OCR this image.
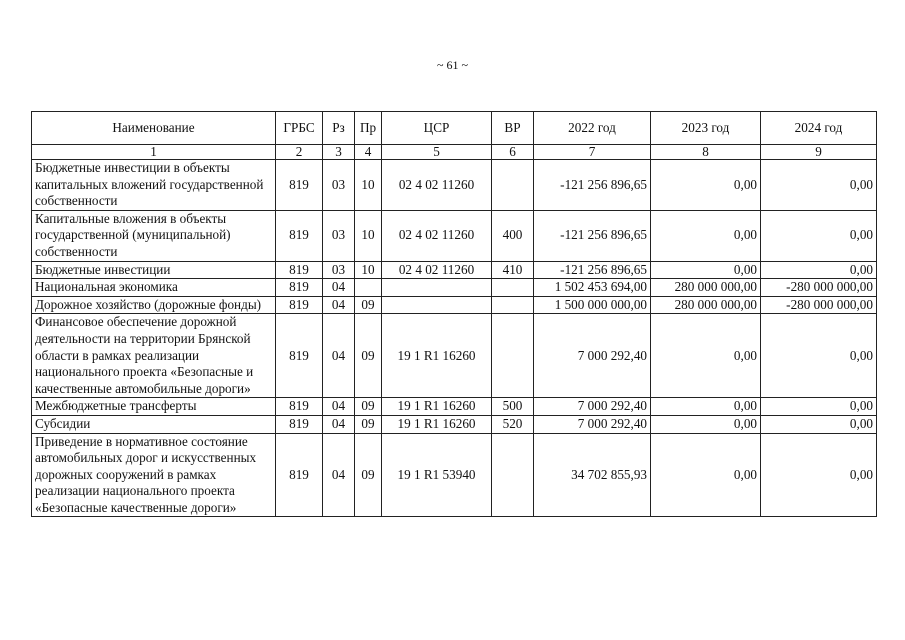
~ 61 ~
Наименование	ГРБС	Рз	Пр	ЦСР	ВР	2022 год	2023 год	2024 год
1	2	3	4	5	6	7	8	9
Бюджетные инвестиции в объекты капитальных вложений государственной собственности	819	03	10	02 4 02 11260		-121 256 896,65	0,00	0,00
Капитальные вложения в объекты государственной (муниципальной) собственности	819	03	10	02 4 02 11260	400	-121 256 896,65	0,00	0,00
Бюджетные инвестиции	819	03	10	02 4 02 11260	410	-121 256 896,65	0,00	0,00
Национальная экономика	819	04				1 502 453 694,00	280 000 000,00	-280 000 000,00
Дорожное хозяйство (дорожные фонды)	819	04	09			1 500 000 000,00	280 000 000,00	-280 000 000,00
Финансовое обеспечение дорожной деятельности на территории Брянской области в рамках реализации национального проекта «Безопасные и качественные автомобильные дороги»	819	04	09	19 1 R1 16260		7 000 292,40	0,00	0,00
Межбюджетные трансферты	819	04	09	19 1 R1 16260	500	7 000 292,40	0,00	0,00
Субсидии	819	04	09	19 1 R1 16260	520	7 000 292,40	0,00	0,00
Приведение в нормативное состояние автомобильных дорог и искусственных дорожных сооружений в рамках реализации национального проекта «Безопасные качественные дороги»	819	04	09	19 1 R1 53940		34 702 855,93	0,00	0,00
